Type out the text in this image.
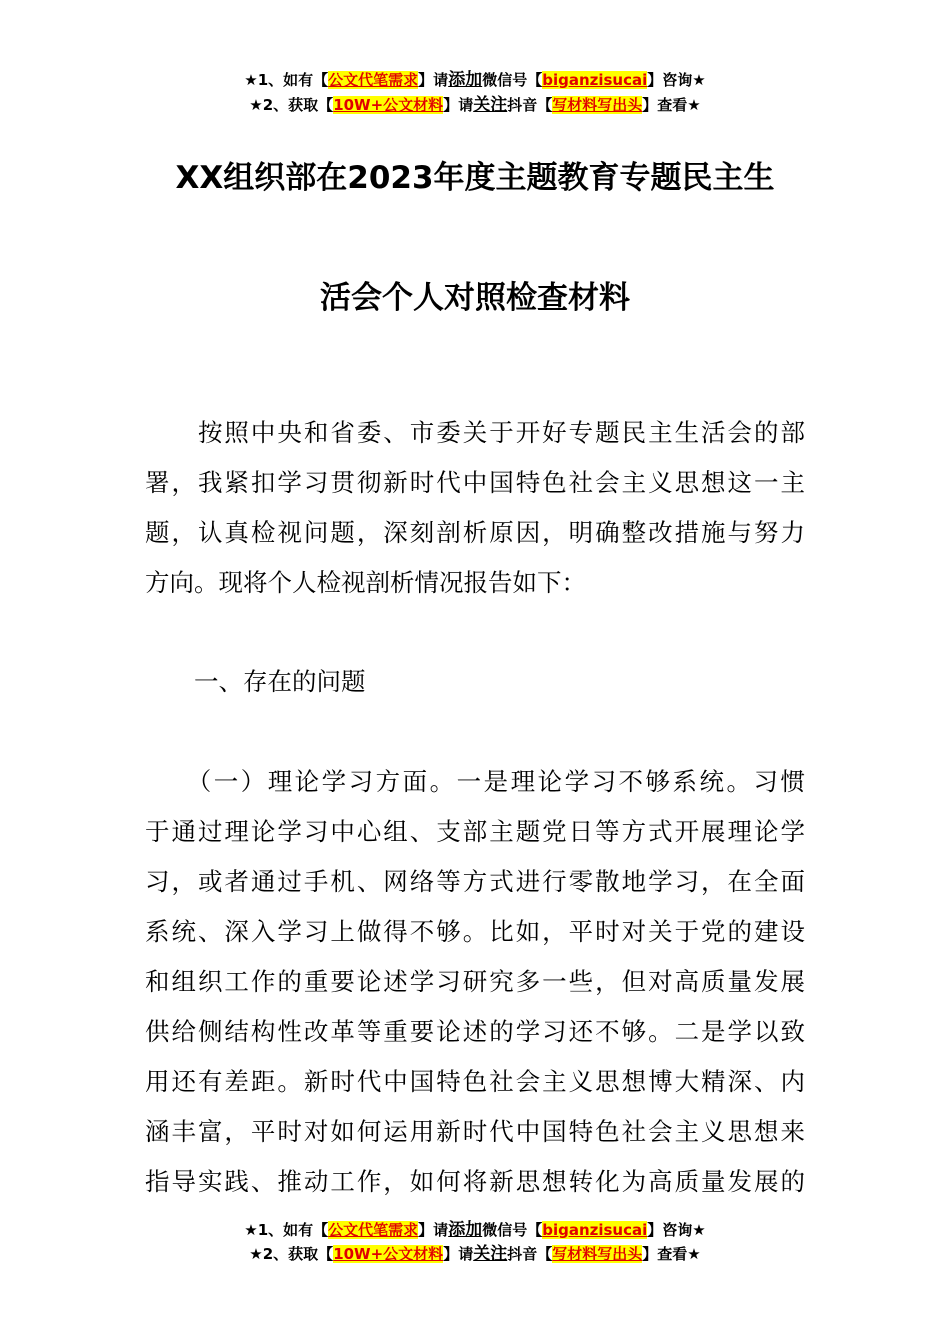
★1、如有【公文代笔需求】请添加微信号【biganzisucai】咨询★
★2、获取【10W+公文材料】请关注抖音【写材料写出头】查看★
XX组织部在2023年度主题教育专题民主生
活会个人对照检查材料
　　按照中央和省委、市委关于开好专题民主生活会的部
署，我紧扣学习贯彻新时代中国特色社会主义思想这一主
题，认真检视问题，深刻剖析原因，明确整改措施与努力
方向。现将个人检视剖析情况报告如下：
　　一、存在的问题
　　（一）理论学习方面。一是理论学习不够系统。习惯
于通过理论学习中心组、支部主题党日等方式开展理论学
习，或者通过手机、网络等方式进行零散地学习，在全面
系统、深入学习上做得不够。比如，平时对关于党的建设
和组织工作的重要论述学习研究多一些，但对高质量发展
供给侧结构性改革等重要论述的学习还不够。二是学以致
用还有差距。新时代中国特色社会主义思想博大精深、内
涵丰富，平时对如何运用新时代中国特色社会主义思想来
指导实践、推动工作，如何将新思想转化为高质量发展的
★1、如有【公文代笔需求】请添加微信号【biganzisucai】咨询★
★2、获取【10W+公文材料】请关注抖音【写材料写出头】查看★
